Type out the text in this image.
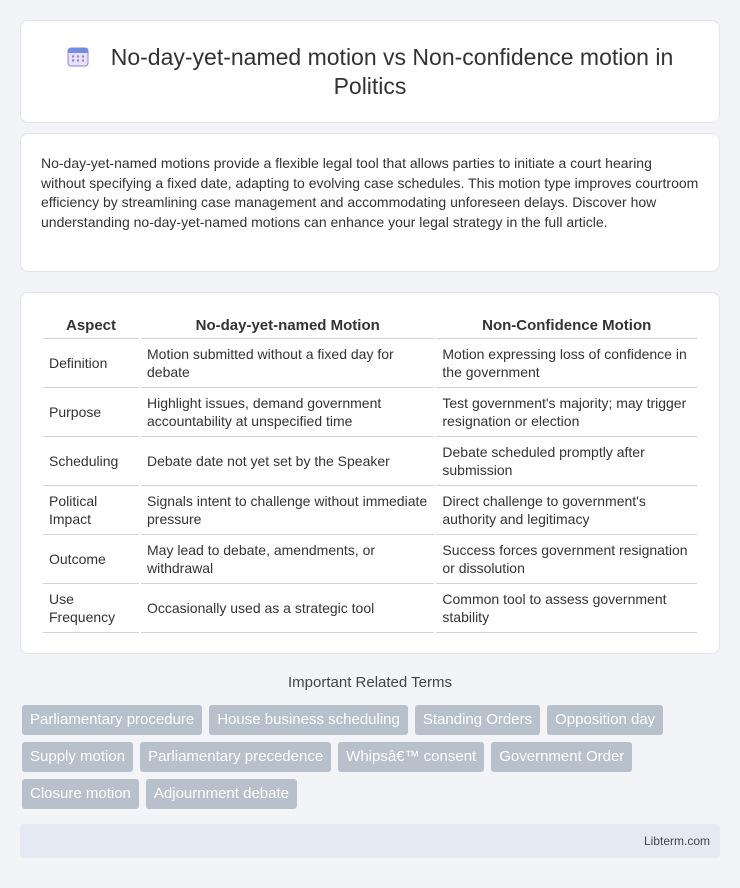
No-day-yet-named motion vs Non-confidence motion in Politics

No-day-yet-named motions provide a flexible legal tool that allows parties to initiate a court hearing without specifying a fixed date, adapting to evolving case schedules. This motion type improves courtroom efficiency by streamlining case management and accommodating unforeseen delays. Discover how understanding no-day-yet-named motions can enhance your legal strategy in the full article.

Aspect	No-day-yet-named Motion	Non-Confidence Motion
Definition	Motion submitted without a fixed day for debate	Motion expressing loss of confidence in the government
Purpose	Highlight issues, demand government accountability at unspecified time	Test government's majority; may trigger resignation or election
Scheduling	Debate date not yet set by the Speaker	Debate scheduled promptly after submission
Political Impact	Signals intent to challenge without immediate pressure	Direct challenge to government's authority and legitimacy
Outcome	May lead to debate, amendments, or withdrawal	Success forces government resignation or dissolution
Use Frequency	Occasionally used as a strategic tool	Common tool to assess government stability
Important Related Terms
Parliamentary procedure	House business scheduling	Standing Orders	Opposition day
Supply motion	Parliamentary precedence	Whipsâ€™ consent	Government Order
Closure motion	Adjournment debate
Libterm.com
